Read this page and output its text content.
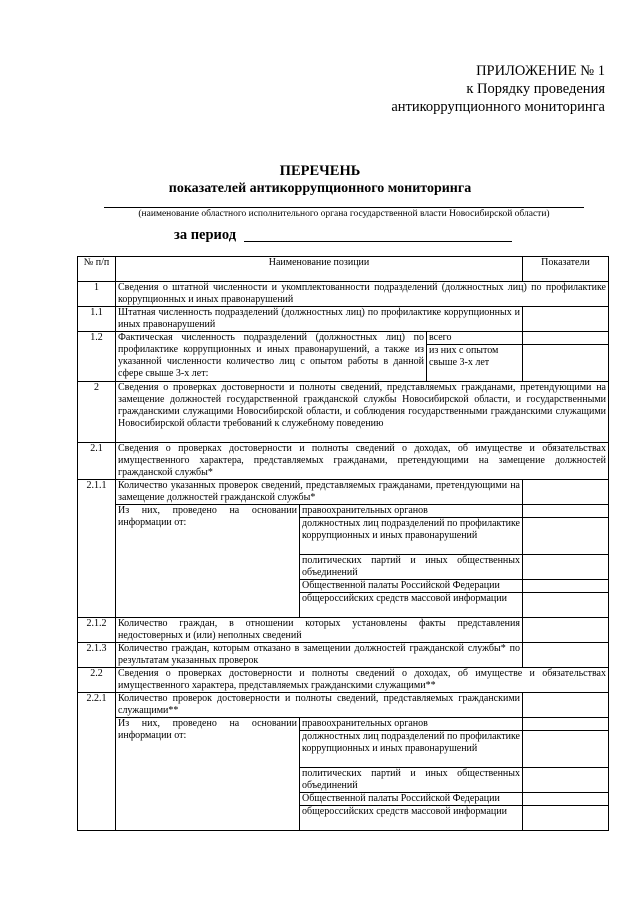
ПРИЛОЖЕНИЕ № 1
к Порядку проведения
антикоррупционного мониторинга
ПЕРЕЧЕНЬ
показателей антикоррупционного мониторинга
(наименование областного исполнительного органа государственной власти Новосибирской области)
за период
№ п/п	Наименование позиции			Показатели
1	Сведения о штатной численности и укомплектованности подразделений (должностных лиц) по профилактике коррупционных и иных правонарушений			
1.1	Штатная численность подразделений (должностных лиц) по профилактике коррупционных и иных правонарушений			
1.2	Фактическая численность подразделений (должностных лиц) по профилактике коррупционных и иных правонарушений, а также из указанной численности количество лиц с опытом работы в данной сфере свыше 3-х лет:		всего	
			из них с опытом свыше 3-х лет	
2	Сведения о проверках достоверности и полноты сведений, представляемых гражданами, претендующими на замещение должностей государственной гражданской службы Новосибирской области, и государственными гражданскими служащими Новосибирской области, и соблюдения государственными гражданскими служащими Новосибирской области требований к служебному поведению			
2.1	Сведения о проверках достоверности и полноты сведений о доходах, об имуществе и обязательствах имущественного характера, представляемых гражданами, претендующими на замещение должностей гражданской службы*			
2.1.1	Количество указанных проверок сведений, представляемых гражданами, претендующими на замещение должностей гражданской службы*			
	Из них, проведено на основании информации от:	правоохранительных органов		
		должностных лиц подразделений по профилактике коррупционных и иных правонарушений		
		политических партий и иных общественных объединений		
		Общественной палаты Российской Федерации		
		общероссийских средств массовой информации		
2.1.2	Количество граждан, в отношении которых установлены факты представления недостоверных и (или) неполных сведений			
2.1.3	Количество граждан, которым отказано в замещении должностей гражданской службы* по результатам указанных проверок			
2.2	Сведения о проверках достоверности и полноты сведений о доходах, об имуществе и обязательствах имущественного характера, представляемых гражданскими служащими**			
2.2.1	Количество проверок достоверности и полноты сведений, представляемых гражданскими служащими**			
	Из них, проведено на основании информации от:	правоохранительных органов		
		должностных лиц подразделений по профилактике коррупционных и иных правонарушений		
		политических партий и иных общественных объединений		
		Общественной палаты Российской Федерации		
		общероссийских средств массовой информации		
